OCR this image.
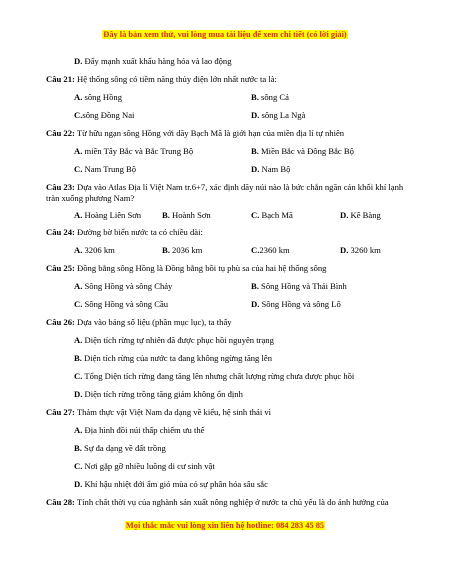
Đây là bản xem thử, vui lòng mua tài liệu để xem chi tiết (có lời giải)
D. Đẩy mạnh xuất khẩu hàng hóa và lao động
Câu 21: Hệ thống sông có tiềm năng thủy điện lớn nhất nước ta là:
A. sông Hồng	B. sông Cả
C.sông Đồng Nai	D. sông La Ngà
Câu 22: Từ hữu ngạn sông Hồng với dãy Bạch Mã là giới hạn của miền địa lí tự nhiên
A. miền Tây Bắc và Bắc Trung Bộ	B. Miền Bắc và Đông Bắc Bộ
C. Nam Trung Bộ	D. Nam Bộ
Câu 23: Dựa vào Atlas Địa lí Việt Nam tr.6+7, xác định dãy núi nào là bức chắn ngăn cản khối khí lạnh tràn xuống phương Nam?
A. Hoàng Liên Sơn B. Hoành Sơn	C. Bạch Mã	D. Kê Bàng
Câu 24: Đường bờ biển nước ta có chiều dài:
A. 3206 km	B. 2036 km	C.2360 km	D. 3260 km
Câu 25: Đồng bằng sông Hồng là Đồng bằng bồi tụ phù sa của hai hệ thống sông
A. Sông Hồng và sông Chảy	B. Sông Hồng và Thái Bình
C. Sông Hồng và sông Cầu	D. Sông Hồng và sông Lô
Câu 26: Dựa vào bảng số liệu (phần mục lục), ta thấy
A. Diện tích rừng tự nhiên đã được phục hồi nguyên trạng
B. Diện tích rừng của nước ta đang không ngừng tăng lên
C. Tổng Diện tích rừng đang tăng lên nhưng chất lượng rừng chưa được phục hồi
D. Diện tích rừng trồng tăng giảm không ổn định
Câu 27: Thảm thực vật Việt Nam đa dạng về kiểu, hệ sinh thái vì
A. Địa hình đồi núi thấp chiếm ưu thế
B. Sự đa dạng về đất trồng
C. Nơi gặp gỡ nhiều luồng di cư sinh vật
D. Khí hậu nhiệt đới ẩm gió mùa có sự phân hóa sâu sắc
Câu 28: Tính chất thời vụ của nghành sản xuất nông nghiệp ở nước ta chủ yếu là do ảnh hưởng của
Mọi thắc mắc vui lòng xin liên hệ hotline: 084 283 45 85
